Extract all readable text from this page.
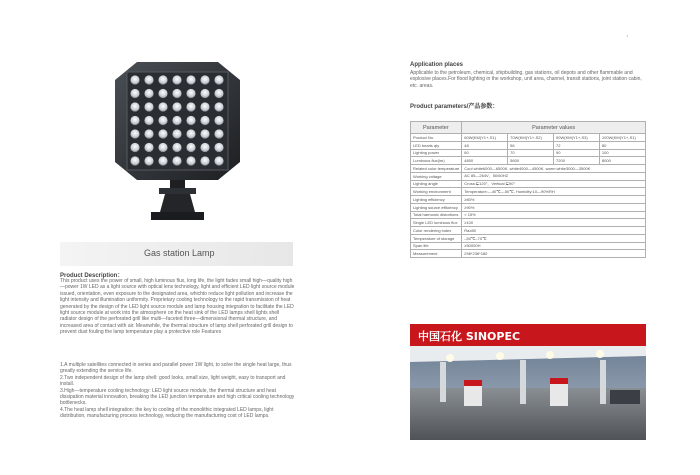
Gas station Lamp
Product Description：
This product uses the power of small, high luminous flux, long life, the light fades small high—quality high—power 1W LED as a light source with optical lens technology, light and efficient LED light source module issued, orientation, even exposure to the designated area, whichto reduce light pollution and increase the light intensity and illumination uniformity. Proprietary cooling technology to the rapid transmission of heat generated by the design of the LED light source module and lamp housing integration to facilitate the LED light source module at work into the atmosphere on the heat sink of the LED lamps shell lights shell radiator design of the perforated grill like multi—faceted three—dimensional thermal structure, and increased area of contact with air. Meanwhile, the thermal structure of lamp shell perforated grill design to prevent dust fouling the lamp temperature play a protective role Features
1.A multiple satellites connected in series and parallel power 1W light, to solve the single heat large, thus greatly extending the service life.
2.Two independent design of the lamp shell: good looks, small size, light weight, easy to transport and install.
3.High—temperature cooling technology: LED light source module, the thermal structure and heat dissipation material innovation, breaking the LED junction temperature and high critical cooling technology bottlenecks.
4.The heat lamp shell integration: the key to cooling of the monolithic integrated LED lamps, light distribution, manufacturing process technology, reducing the manufacturing cost of LED lamps.
•
Application places
Applicable to the petroleum, chemical, shipbuilding, gas stations, oil depots and other flammable and explosive places.For flood lighting in the workshop, unit area, channel, transit stations, joint station cabin, etc. areas.
Product parameters/产品参数：
Parameter	Parameter values			
Product No.	60W(KM(Y1+-S1)	70W(KM(Y1+-S2)	90W(KM(Y1+-S3)	100W(KM(Y1+-S1)
LED beads qty	48	56	72	80
Lighting power	60	70	90	100
Luminous flux(lm)	4800	5600	7200	8000
Related color temperature	Cool white6000—6500K, white4000—4500K, warm white3000—3500K			
Working voltage	AC 85—264V，50/60HZ			
Lighting angle	Cross:⋤120°，Vertical:⋤90°			
Working environment	Temperature:—40℃—50℃, Humidity:10—90%RH			
Lighting efficiency	≥80%			
Lighting source efficiency	≥90%			
Total harmonic distortions	< 15%			
Single LED luminous flux	≥100			
Color rendering index	Ra≥80			
Temperature of storage	–50℃–70℃			
Span life	≥50000H			
Measurement	296*236*180			
中国石化 SINOPEC
